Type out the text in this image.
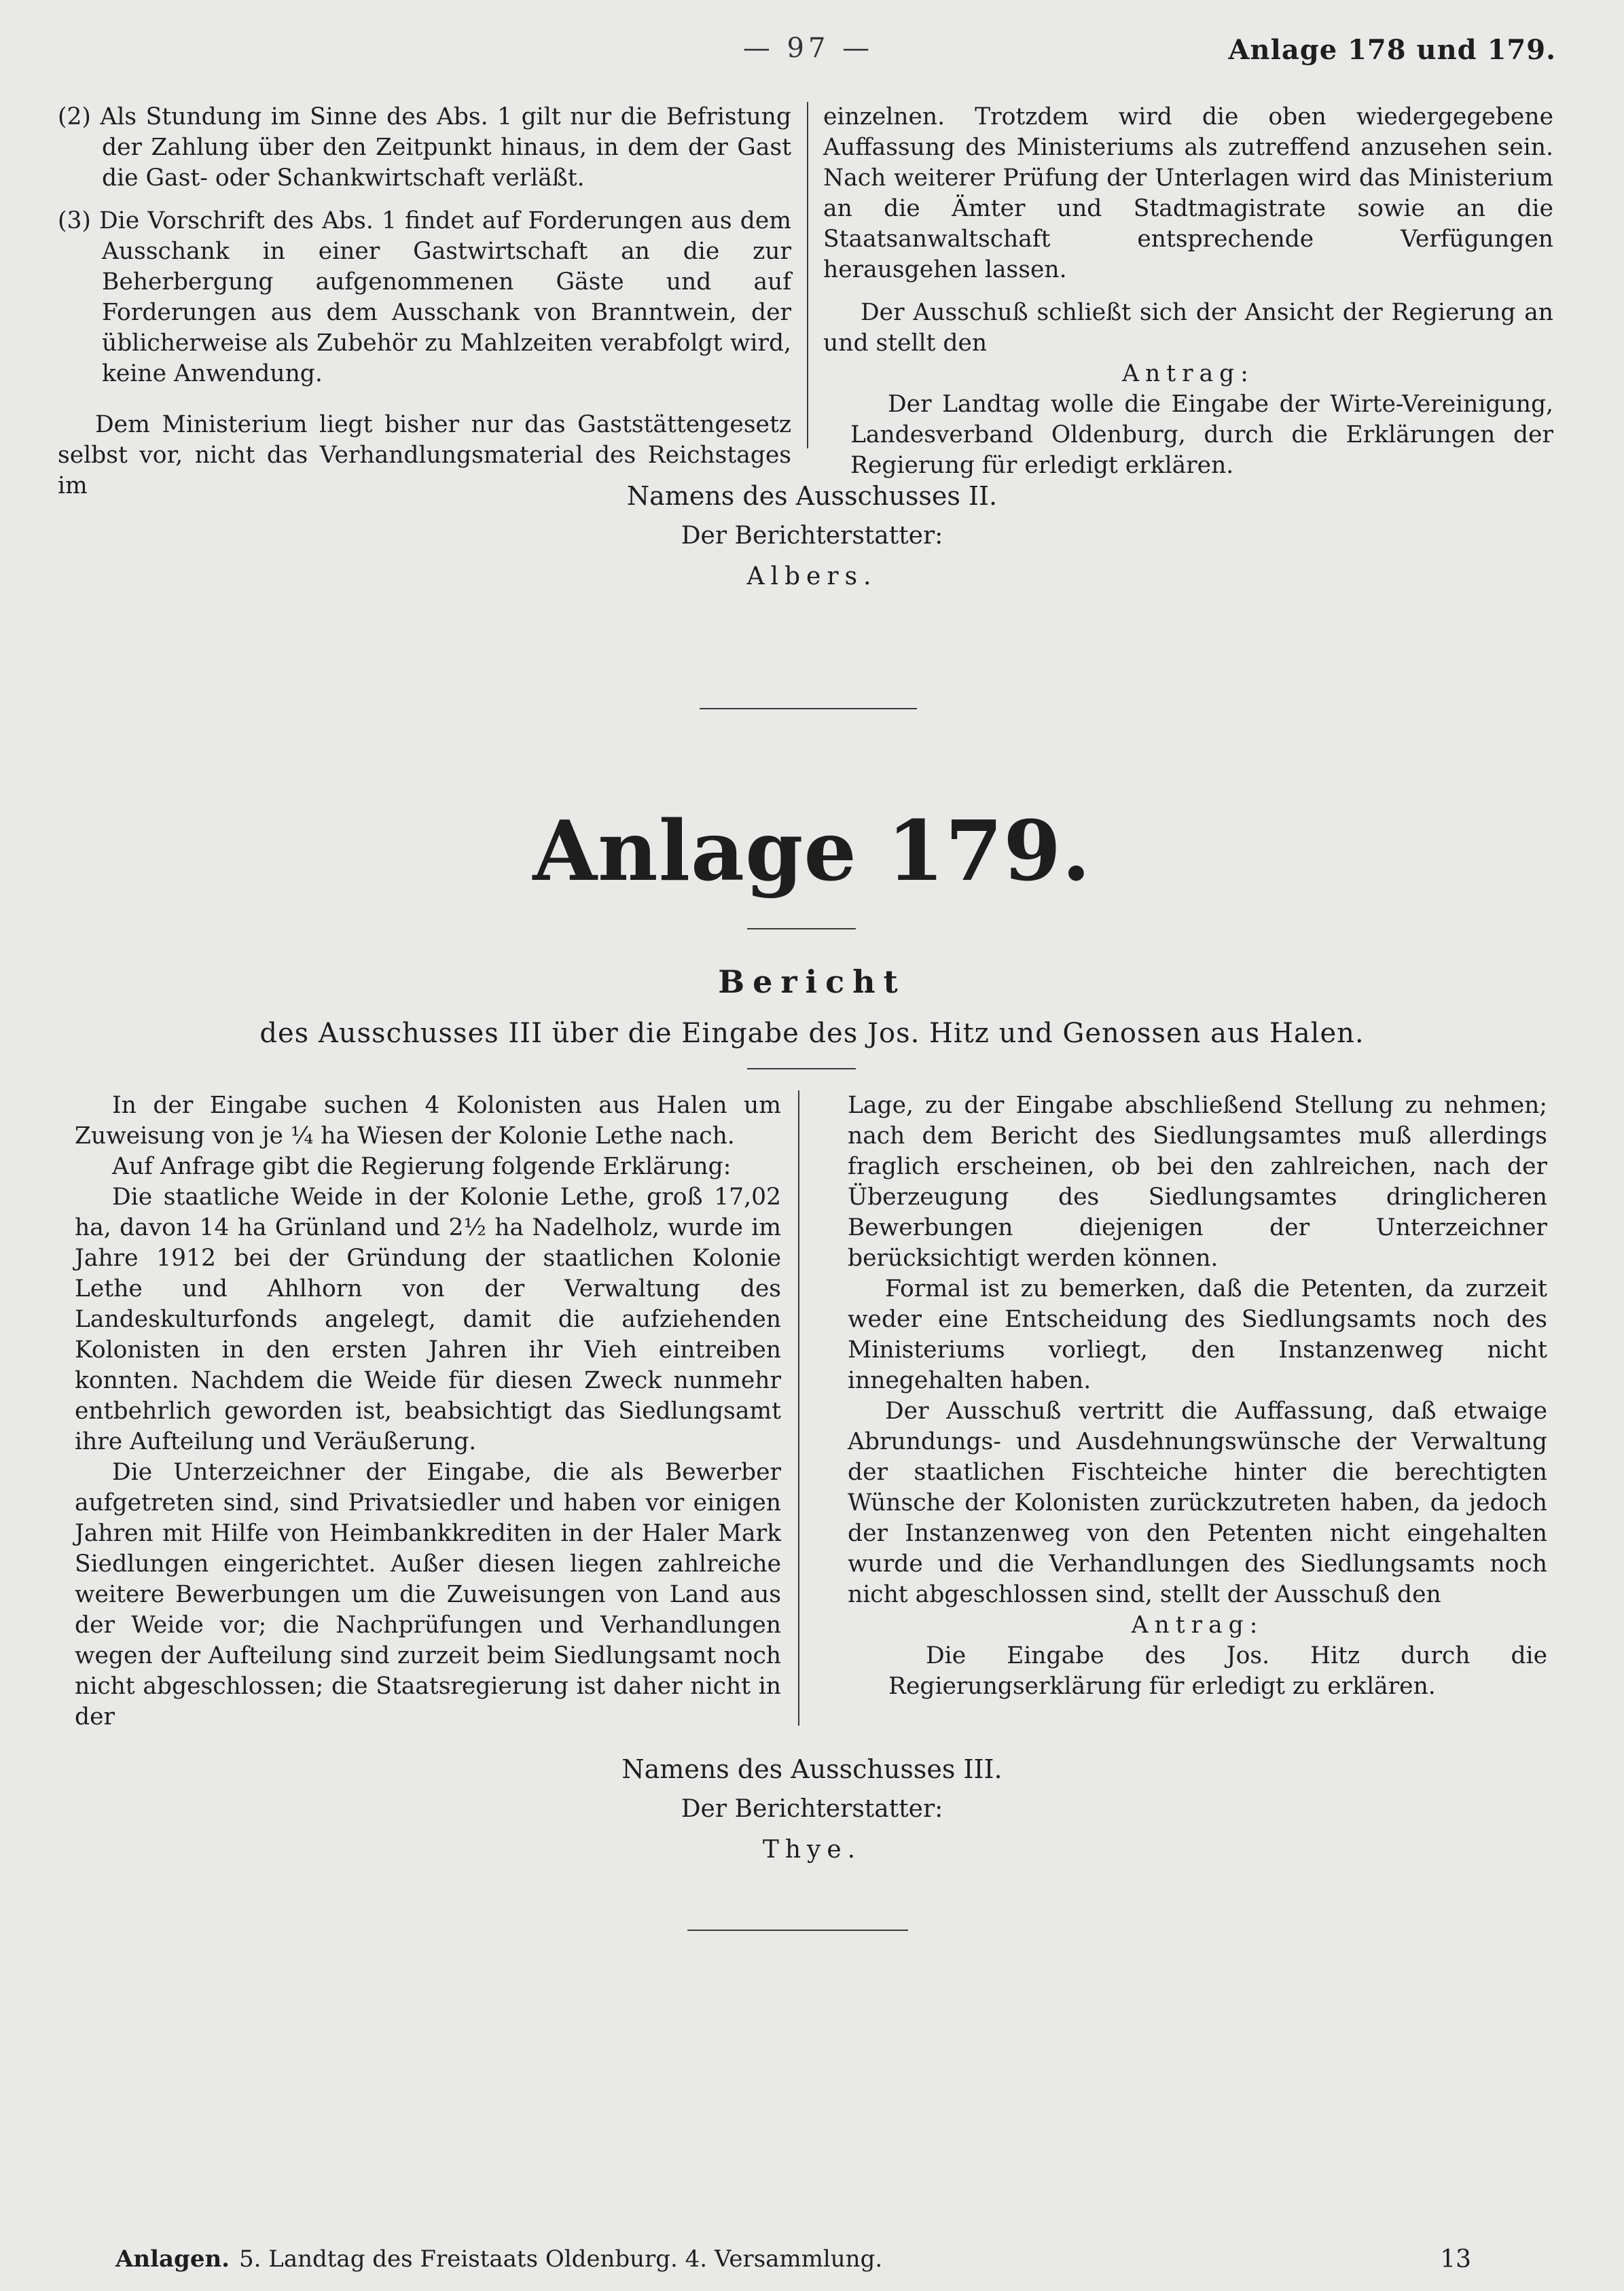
— 97 —	Anlage 178 und 179.

(2) Als Stundung im Sinne des Abs. 1 gilt nur die Befristung der Zahlung über den Zeitpunkt hinaus, in dem der Gast die Gast- oder Schankwirtschaft verläßt.

(3) Die Vorschrift des Abs. 1 findet auf Forderungen aus dem Ausschank in einer Gastwirtschaft an die zur Beherbergung aufgenommenen Gäste und auf Forderungen aus dem Ausschank von Branntwein, der üblicherweise als Zubehör zu Mahlzeiten verabfolgt wird, keine Anwendung.

Dem Ministerium liegt bisher nur das Gaststättengesetz selbst vor, nicht das Verhandlungsmaterial des Reichstages im

einzelnen. Trotzdem wird die oben wiedergegebene Auffassung des Ministeriums als zutreffend anzusehen sein. Nach weiterer Prüfung der Unterlagen wird das Ministerium an die Ämter und Stadtmagistrate sowie an die Staatsanwaltschaft entsprechende Verfügungen herausgehen lassen.

Der Ausschuß schließt sich der Ansicht der Regierung an und stellt den

Antrag:

Der Landtag wolle die Eingabe der Wirte-Vereinigung, Landesverband Oldenburg, durch die Erklärungen der Regierung für erledigt erklären.

Namens des Ausschusses II.
Der Berichterstatter:
Albers.
Anlage 179.
Bericht
des Ausschusses III über die Eingabe des Jos. Hitz und Genossen aus Halen.

In der Eingabe suchen 4 Kolonisten aus Halen um Zuweisung von je ¼ ha Wiesen der Kolonie Lethe nach.

Auf Anfrage gibt die Regierung folgende Erklärung:

Die staatliche Weide in der Kolonie Lethe, groß 17,02 ha, davon 14 ha Grünland und 2½ ha Nadelholz, wurde im Jahre 1912 bei der Gründung der staatlichen Kolonie Lethe und Ahlhorn von der Verwaltung des Landeskulturfonds angelegt, damit die aufziehenden Kolonisten in den ersten Jahren ihr Vieh eintreiben konnten. Nachdem die Weide für diesen Zweck nunmehr entbehrlich geworden ist, beabsichtigt das Siedlungsamt ihre Aufteilung und Veräußerung.

Die Unterzeichner der Eingabe, die als Bewerber aufgetreten sind, sind Privatsiedler und haben vor einigen Jahren mit Hilfe von Heimbankkrediten in der Haler Mark Siedlungen eingerichtet. Außer diesen liegen zahlreiche weitere Bewerbungen um die Zuweisungen von Land aus der Weide vor; die Nachprüfungen und Verhandlungen wegen der Aufteilung sind zurzeit beim Siedlungsamt noch nicht abgeschlossen; die Staatsregierung ist daher nicht in der

Lage, zu der Eingabe abschließend Stellung zu nehmen; nach dem Bericht des Siedlungsamtes muß allerdings fraglich erscheinen, ob bei den zahlreichen, nach der Überzeugung des Siedlungsamtes dringlicheren Bewerbungen diejenigen der Unterzeichner berücksichtigt werden können.

Formal ist zu bemerken, daß die Petenten, da zurzeit weder eine Entscheidung des Siedlungsamts noch des Ministeriums vorliegt, den Instanzenweg nicht innegehalten haben.

Der Ausschuß vertritt die Auffassung, daß etwaige Abrundungs- und Ausdehnungswünsche der Verwaltung der staatlichen Fischteiche hinter die berechtigten Wünsche der Kolonisten zurückzutreten haben, da jedoch der Instanzenweg von den Petenten nicht eingehalten wurde und die Verhandlungen des Siedlungsamts noch nicht abgeschlossen sind, stellt der Ausschuß den

Antrag:

Die Eingabe des Jos. Hitz durch die Regierungserklärung für erledigt zu erklären.

Namens des Ausschusses III.
Der Berichterstatter:
Thye.
Anlagen. 5. Landtag des Freistaats Oldenburg. 4. Versammlung.	13
